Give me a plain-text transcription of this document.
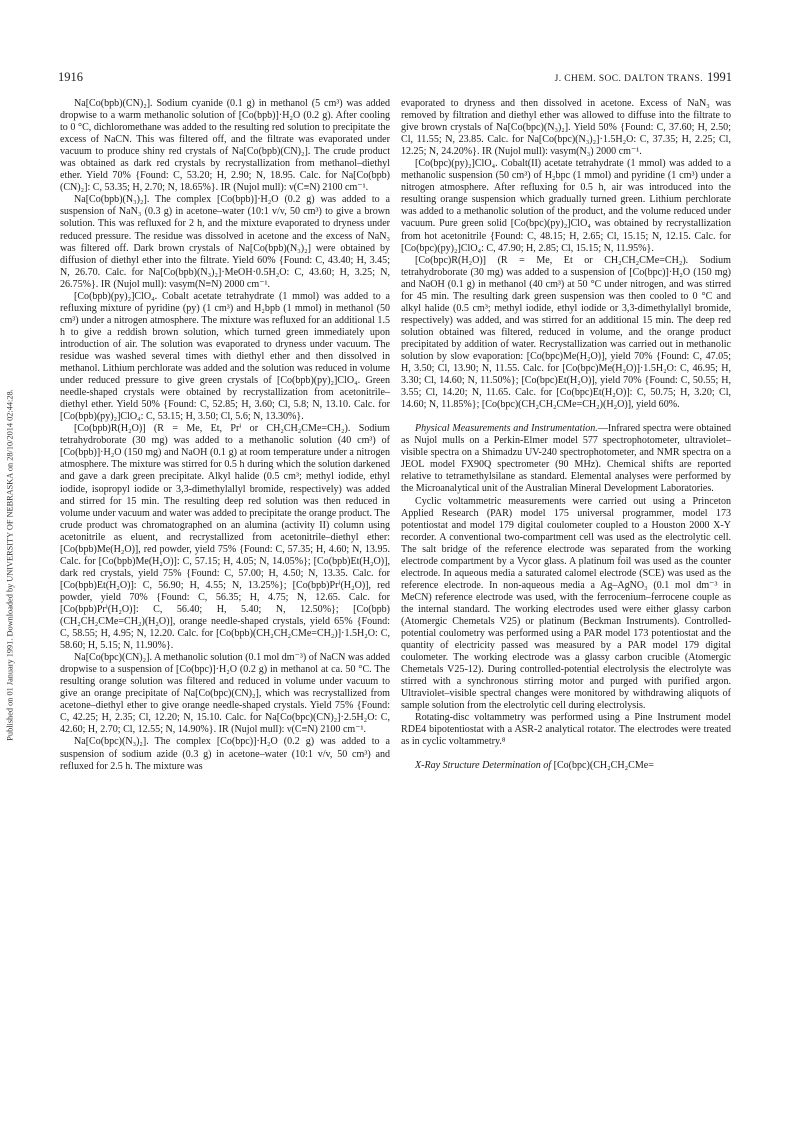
1916	J. CHEM. SOC. DALTON TRANS. 1991
Published on 01 January 1991. Downloaded by UNIVERSITY OF NEBRASKA on 28/10/2014 02:44:28.

Na[Co(bpb)(CN)₂]. Sodium cyanide (0.1 g) in methanol (5 cm³) was added dropwise to a warm methanolic solution of [Co(bpb)]·H₂O (0.2 g). After cooling to 0 °C, dichloromethane was added to the resulting red solution to precipitate the excess of NaCN. This was filtered off, and the filtrate was evaporated under vacuum to produce shiny red crystals of Na[Co(bpb)(CN)₂]. The crude product was obtained as dark red crystals by recrystallization from methanol–diethyl ether. Yield 70% {Found: C, 53.20; H, 2.90; N, 18.95. Calc. for Na[Co(bpb)(CN)₂]: C, 53.35; H, 2.70; N, 18.65%}. IR (Nujol mull): ν(C≡N) 2100 cm⁻¹.

Na[Co(bpb)(N₃)₂]. The complex [Co(bpb)]·H₂O (0.2 g) was added to a suspension of NaN₃ (0.3 g) in acetone–water (10:1 v/v, 50 cm³) to give a brown solution. This was refluxed for 2 h, and the mixture evaporated to dryness under reduced pressure. The residue was dissolved in acetone and the excess of NaN₃ was filtered off. Dark brown crystals of Na[Co(bpb)(N₃)₂] were obtained by diffusion of diethyl ether into the filtrate. Yield 60% {Found: C, 43.40; H, 3.45; N, 26.70. Calc. for Na[Co(bpb)(N₃)₂]·MeOH·0.5H₂O: C, 43.60; H, 3.25; N, 26.75%}. IR (Nujol mull): νasym(N≡N) 2000 cm⁻¹.

[Co(bpb)(py)₂]ClO₄. Cobalt acetate tetrahydrate (1 mmol) was added to a refluxing mixture of pyridine (py) (1 cm³) and H₂bpb (1 mmol) in methanol (50 cm³) under a nitrogen atmosphere. The mixture was refluxed for an additional 1.5 h to give a reddish brown solution, which turned green immediately upon introduction of air. The solution was evaporated to dryness under vacuum. The residue was washed several times with diethyl ether and then dissolved in methanol. Lithium perchlorate was added and the solution was reduced in volume under reduced pressure to give green crystals of [Co(bpb)(py)₂]ClO₄. Green needle-shaped crystals were obtained by recrystallization from acetonitrile–diethyl ether. Yield 50% {Found: C, 52.85; H, 3.60; Cl, 5.8; N, 13.10. Calc. for [Co(bpb)(py)₂]ClO₄: C, 53.15; H, 3.50; Cl, 5.6; N, 13.30%}.

[Co(bpb)R(H₂O)] (R = Me, Et, Prⁱ or CH₂CH₂CMe=CH₂). Sodium tetrahydroborate (30 mg) was added to a methanolic solution (40 cm³) of [Co(bpb)]·H₂O (150 mg) and NaOH (0.1 g) at room temperature under a nitrogen atmosphere. The mixture was stirred for 0.5 h during which the solution darkened and gave a dark green precipitate. Alkyl halide (0.5 cm³; methyl iodide, ethyl iodide, isopropyl iodide or 3,3-dimethylallyl bromide, respectively) was added and stirred for 15 min. The resulting deep red solution was then reduced in volume under vacuum and water was added to precipitate the orange product. The crude product was chromatographed on an alumina (activity II) column using acetonitrile as eluent, and recrystallized from acetonitrile–diethyl ether: [Co(bpb)Me(H₂O)], red powder, yield 75% {Found: C, 57.35; H, 4.60; N, 13.95. Calc. for [Co(bpb)Me(H₂O)]: C, 57.15; H, 4.05; N, 14.05%}; [Co(bpb)Et(H₂O)], dark red crystals, yield 75% {Found: C, 57.00; H, 4.50; N, 13.35. Calc. for [Co(bpb)Et(H₂O)]: C, 56.90; H, 4.55; N, 13.25%}; [Co(bpb)Prⁱ(H₂O)], red powder, yield 70% {Found: C, 56.35; H, 4.75; N, 12.65. Calc. for [Co(bpb)Prⁱ(H₂O)]: C, 56.40; H, 5.40; N, 12.50%}; [Co(bpb)(CH₂CH₂CMe=CH₂)(H₂O)], orange needle-shaped crystals, yield 65% {Found: C, 58.55; H, 4.95; N, 12.20. Calc. for [Co(bpb)(CH₂CH₂CMe=CH₂)]·1.5H₂O: C, 58.60; H, 5.15; N, 11.90%}.

Na[Co(bpc)(CN)₂]. A methanolic solution (0.1 mol dm⁻³) of NaCN was added dropwise to a suspension of [Co(bpc)]·H₂O (0.2 g) in methanol at ca. 50 °C. The resulting orange solution was filtered and reduced in volume under vacuum to give an orange precipitate of Na[Co(bpc)(CN)₂], which was recrystallized from acetone–diethyl ether to give orange needle-shaped crystals. Yield 75% {Found: C, 42.25; H, 2.35; Cl, 12.20; N, 15.10. Calc. for Na[Co(bpc)(CN)₂]·2.5H₂O: C, 42.60; H, 2.70; Cl, 12.55; N, 14.90%}. IR (Nujol mull): ν(C≡N) 2100 cm⁻¹.

Na[Co(bpc)(N₃)₂]. The complex [Co(bpc)]·H₂O (0.2 g) was added to a suspension of sodium azide (0.3 g) in acetone–water (10:1 v/v, 50 cm³) and refluxed for 2.5 h. The mixture was

evaporated to dryness and then dissolved in acetone. Excess of NaN₃ was removed by filtration and diethyl ether was allowed to diffuse into the filtrate to give brown crystals of Na[Co(bpc)(N₃)₂]. Yield 50% {Found: C, 37.60; H, 2.50; Cl, 11.55; N, 23.85. Calc. for Na[Co(bpc)(N₃)₂]·1.5H₂O: C, 37.35; H, 2.25; Cl, 12.25; N, 24.20%}. IR (Nujol mull): νasym(N₃) 2000 cm⁻¹.

[Co(bpc)(py)₂]ClO₄. Cobalt(II) acetate tetrahydrate (1 mmol) was added to a methanolic suspension (50 cm³) of H₂bpc (1 mmol) and pyridine (1 cm³) under a nitrogen atmosphere. After refluxing for 0.5 h, air was introduced into the resulting orange suspension which gradually turned green. Lithium perchlorate was added to a methanolic solution of the product, and the volume reduced under vacuum. Pure green solid [Co(bpc)(py)₂]ClO₄ was obtained by recrystallization from hot acetonitrile {Found: C, 48.15; H, 2.65; Cl, 15.15; N, 12.15. Calc. for [Co(bpc)(py)₂]ClO₄: C, 47.90; H, 2.85; Cl, 15.15; N, 11.95%}.

[Co(bpc)R(H₂O)] (R = Me, Et or CH₂CH₂CMe=CH₂). Sodium tetrahydroborate (30 mg) was added to a suspension of [Co(bpc)]·H₂O (150 mg) and NaOH (0.1 g) in methanol (40 cm³) at 50 °C under nitrogen, and was stirred for 45 min. The resulting dark green suspension was then cooled to 0 °C and alkyl halide (0.5 cm³; methyl iodide, ethyl iodide or 3,3-dimethylallyl bromide, respectively) was added, and was stirred for an additional 15 min. The deep red solution obtained was filtered, reduced in volume, and the orange product precipitated by addition of water. Recrystallization was carried out in methanolic solution by slow evaporation: [Co(bpc)Me(H₂O)], yield 70% {Found: C, 47.05; H, 3.50; Cl, 13.90; N, 11.55. Calc. for [Co(bpc)Me(H₂O)]·1.5H₂O: C, 46.95; H, 3.30; Cl, 14.60; N, 11.50%}; [Co(bpc)Et(H₂O)], yield 70% {Found: C, 50.55; H, 3.55; Cl, 14.20; N, 11.65. Calc. for [Co(bpc)Et(H₂O)]: C, 50.75; H, 3.20; Cl, 14.60; N, 11.85%}; [Co(bpc)(CH₂CH₂CMe=CH₂)(H₂O)], yield 60%.

Physical Measurements and Instrumentation.—Infrared spectra were obtained as Nujol mulls on a Perkin-Elmer model 577 spectrophotometer, ultraviolet–visible spectra on a Shimadzu UV-240 spectrophotometer, and NMR spectra on a JEOL model FX90Q spectrometer (90 MHz). Chemical shifts are reported relative to tetramethylsilane as standard. Elemental analyses were performed by the Microanalytical unit of the Australian Mineral Development Laboratories.

Cyclic voltammetric measurements were carried out using a Princeton Applied Research (PAR) model 175 universal programmer, model 173 potentiostat and model 179 digital coulometer coupled to a Houston 2000 X-Y recorder. A conventional two-compartment cell was used as the electrolytic cell. The salt bridge of the reference electrode was separated from the working electrode compartment by a Vycor glass. A platinum foil was used as the counter electrode. In aqueous media a saturated calomel electrode (SCE) was used as the reference electrode. In non-aqueous media a Ag–AgNO₃ (0.1 mol dm⁻³ in MeCN) reference electrode was used, with the ferrocenium–ferrocene couple as the internal standard. The working electrodes used were either glassy carbon (Atomergic Chemetals V25) or platinum (Beckman Instruments). Controlled-potential coulometry was performed using a PAR model 173 potentiostat and the quantity of electricity passed was measured by a PAR model 179 digital coulometer. The working electrode was a glassy carbon crucible (Atomergic Chemetals V25-12). During controlled-potential electrolysis the electrolyte was stirred with a synchronous stirring motor and purged with purified argon. Ultraviolet–visible spectral changes were monitored by withdrawing aliquots of sample solution from the electrolytic cell during electrolysis.

Rotating-disc voltammetry was performed using a Pine Instrument model RDE4 bipotentiostat with a ASR-2 analytical rotator. The electrodes were treated as in cyclic voltammetry.⁸

X-Ray Structure Determination of [Co(bpc)(CH₂CH₂CMe=
